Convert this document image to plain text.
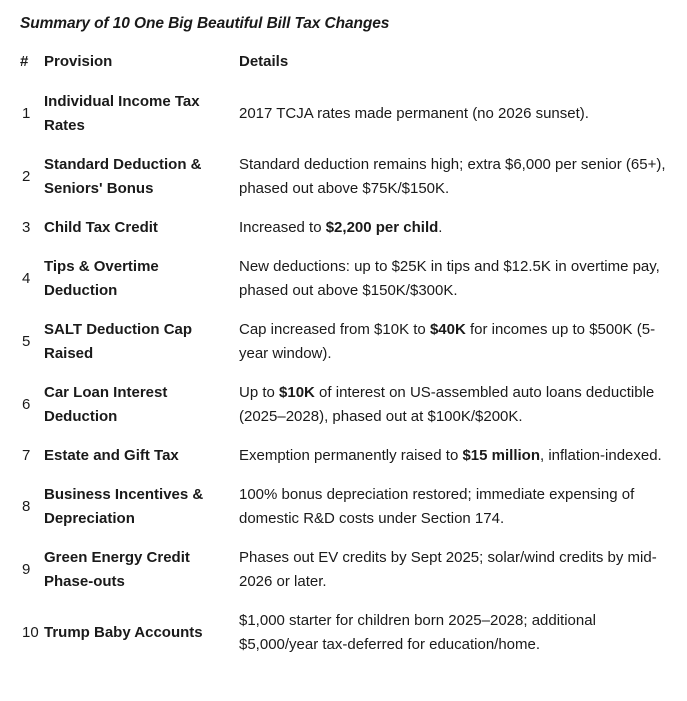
Summary of 10 One Big Beautiful Bill Tax Changes
#	Provision	Details
1	Individual Income Tax Rates	2017 TCJA rates made permanent (no 2026 sunset).
2	Standard Deduction & Seniors' Bonus	Standard deduction remains high; extra $6,000 per senior (65+), phased out above $75K/$150K.
3	Child Tax Credit	Increased to $2,200 per child.
4	Tips & Overtime Deduction	New deductions: up to $25K in tips and $12.5K in overtime pay, phased out above $150K/$300K.
5	SALT Deduction Cap Raised	Cap increased from $10K to $40K for incomes up to $500K (5-year window).
6	Car Loan Interest Deduction	Up to $10K of interest on US-assembled auto loans deductible (2025–2028), phased out at $100K/$200K.
7	Estate and Gift Tax	Exemption permanently raised to $15 million, inflation-indexed.
8	Business Incentives & Depreciation	100% bonus depreciation restored; immediate expensing of domestic R&D costs under Section 174.
9	Green Energy Credit Phase-outs	Phases out EV credits by Sept 2025; solar/wind credits by mid-2026 or later.
10	Trump Baby Accounts	$1,000 starter for children born 2025–2028; additional $5,000/year tax-deferred for education/home.
